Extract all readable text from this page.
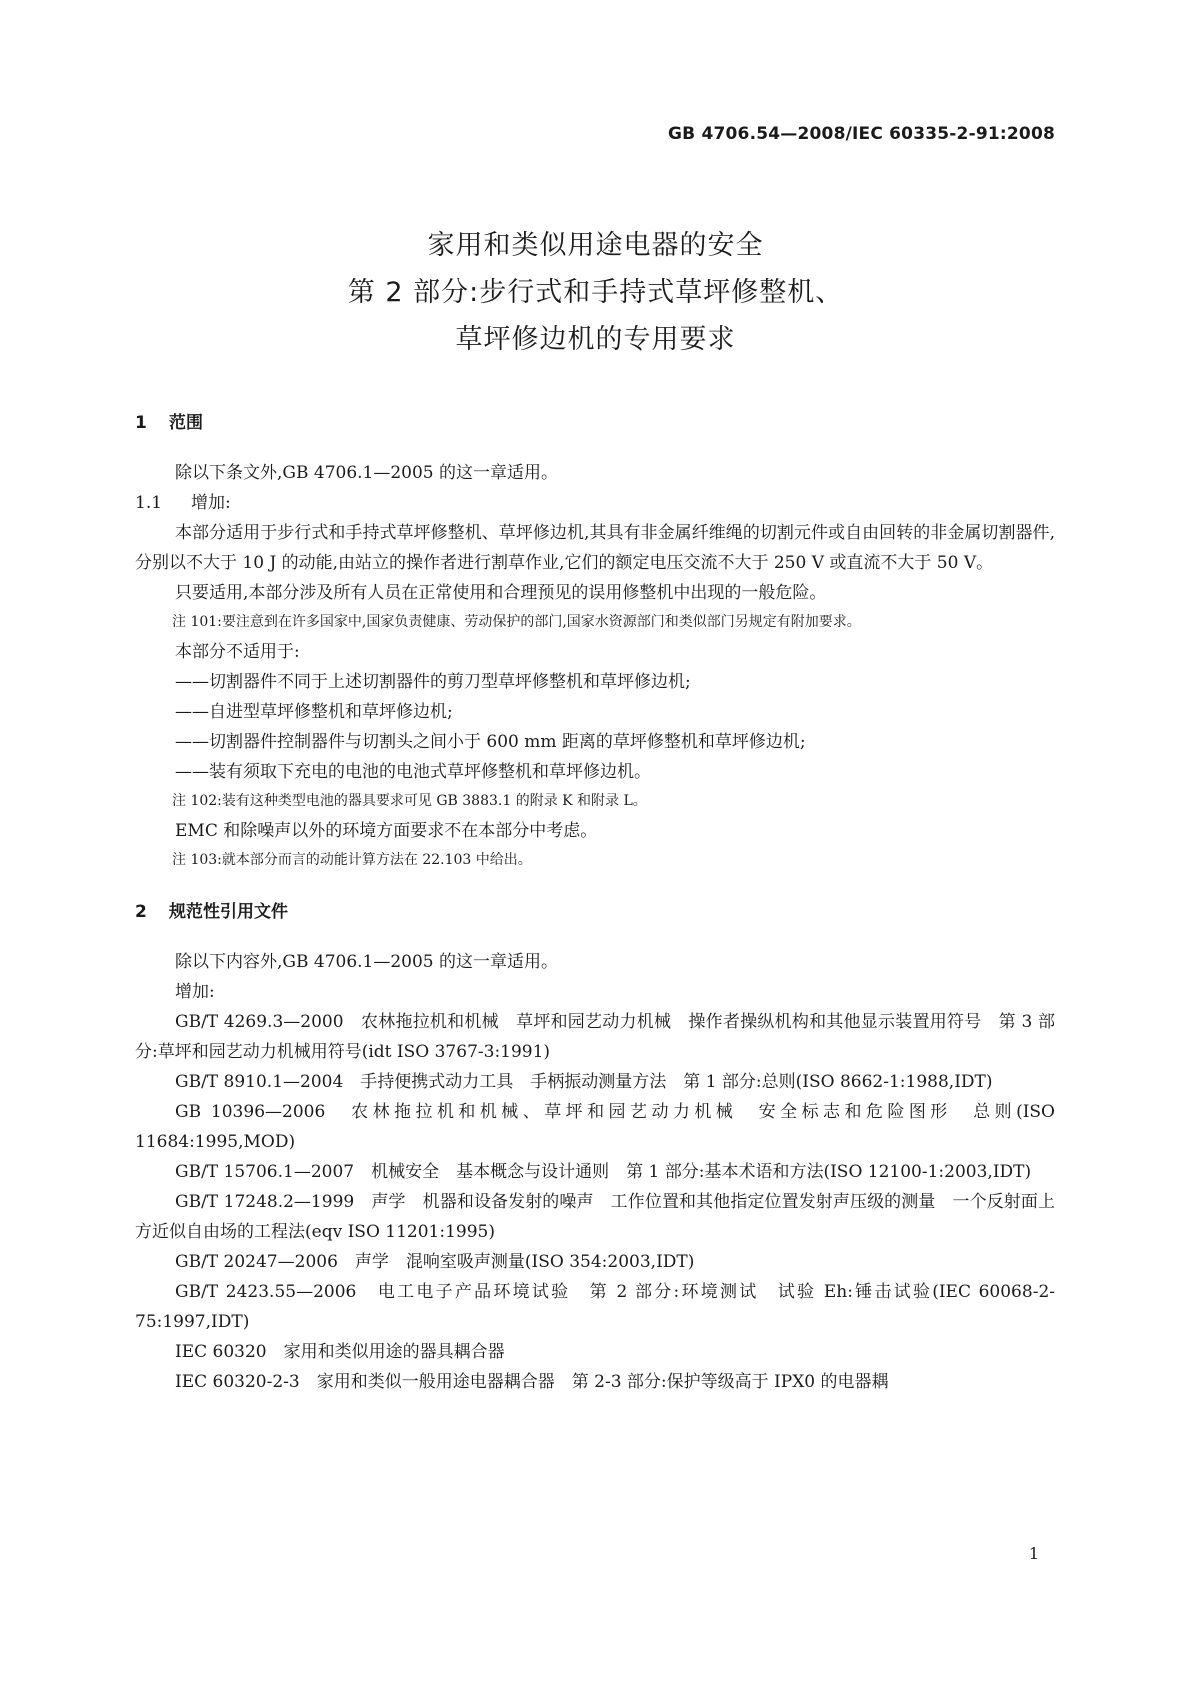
GB 4706.54—2008/IEC 60335-2-91:2008
家用和类似用途电器的安全
第 2 部分:步行式和手持式草坪修整机、
草坪修边机的专用要求
1 范围

除以下条文外,GB 4706.1—2005 的这一章适用。

1.1 增加:

本部分适用于步行式和手持式草坪修整机、草坪修边机,其具有非金属纤维绳的切割元件或自由回转的非金属切割器件,分别以不大于 10 J 的动能,由站立的操作者进行割草作业,它们的额定电压交流不大于 250 V 或直流不大于 50 V。

只要适用,本部分涉及所有人员在正常使用和合理预见的误用修整机中出现的一般危险。

注 101:要注意到在许多国家中,国家负责健康、劳动保护的部门,国家水资源部门和类似部门另规定有附加要求。

本部分不适用于:

——切割器件不同于上述切割器件的剪刀型草坪修整机和草坪修边机;

——自进型草坪修整机和草坪修边机;

——切割器件控制器件与切割头之间小于 600 mm 距离的草坪修整机和草坪修边机;

——装有须取下充电的电池的电池式草坪修整机和草坪修边机。

注 102:装有这种类型电池的器具要求可见 GB 3883.1 的附录 K 和附录 L。

EMC 和除噪声以外的环境方面要求不在本部分中考虑。

注 103:就本部分而言的动能计算方法在 22.103 中给出。

2 规范性引用文件

除以下内容外,GB 4706.1—2005 的这一章适用。

增加:

GB/T 4269.3—2000　农林拖拉机和机械　草坪和园艺动力机械　操作者操纵机构和其他显示装置用符号　第 3 部分:草坪和园艺动力机械用符号(idt ISO 3767-3:1991)

GB/T 8910.1—2004　手持便携式动力工具　手柄振动测量方法　第 1 部分:总则(ISO 8662-1:1988,IDT)

GB 10396—2006　农林拖拉机和机械、草坪和园艺动力机械　安全标志和危险图形　总则(ISO 11684:1995,MOD)

GB/T 15706.1—2007　机械安全　基本概念与设计通则　第 1 部分:基本术语和方法(ISO 12100-1:2003,IDT)

GB/T 17248.2—1999　声学　机器和设备发射的噪声　工作位置和其他指定位置发射声压级的测量　一个反射面上方近似自由场的工程法(eqv ISO 11201:1995)

GB/T 20247—2006　声学　混响室吸声测量(ISO 354:2003,IDT)

GB/T 2423.55—2006　电工电子产品环境试验　第 2 部分:环境测试　试验 Eh:锤击试验(IEC 60068-2-75:1997,IDT)

IEC 60320　家用和类似用途的器具耦合器

IEC 60320-2-3　家用和类似一般用途电器耦合器　第 2-3 部分:保护等级高于 IPX0 的电器耦

1
